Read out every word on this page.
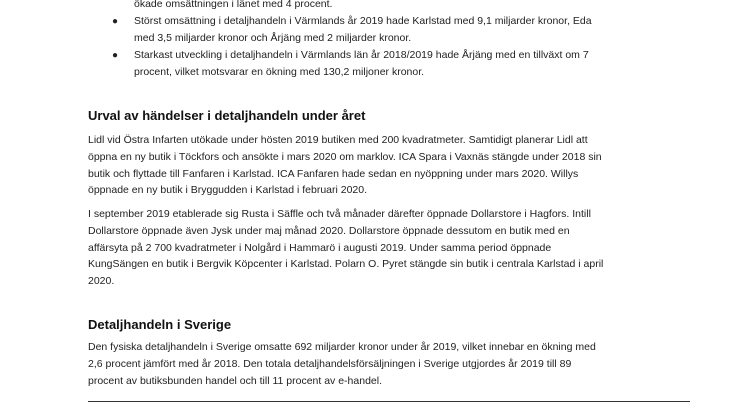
ökade omsättningen i länet med 4 procent.
● Störst omsättning i detaljhandeln i Värmlands år 2019 hade Karlstad med 9,1 miljarder kronor, Eda
med 3,5 miljarder kronor och Årjäng med 2 miljarder kronor.
● Starkast utveckling i detaljhandeln i Värmlands län år 2018/2019 hade Årjäng med en tillväxt om 7
procent, vilket motsvarar en ökning med 130,2 miljoner kronor.
Urval av händelser i detaljhandeln under året

Lidl vid Östra Infarten utökade under hösten 2019 butiken med 200 kvadratmeter. Samtidigt planerar Lidl att
öppna en ny butik i Töckfors och ansökte i mars 2020 om marklov. ICA Spara i Vaxnäs stängde under 2018 sin
butik och flyttade till Fanfaren i Karlstad. ICA Fanfaren hade sedan en nyöppning under mars 2020. Willys
öppnade en ny butik i Bryggudden i Karlstad i februari 2020.

I september 2019 etablerade sig Rusta i Säffle och två månader därefter öppnade Dollarstore i Hagfors. Intill
Dollarstore öppnade även Jysk under maj månad 2020. Dollarstore öppnade dessutom en butik med en
affärsyta på 2 700 kvadratmeter i Nolgård i Hammarö i augusti 2019. Under samma period öppnade
KungSängen en butik i Bergvik Köpcenter i Karlstad. Polarn O. Pyret stängde sin butik i centrala Karlstad i april
2020.

Detaljhandeln i Sverige

Den fysiska detaljhandeln i Sverige omsatte 692 miljarder kronor under år 2019, vilket innebar en ökning med
2,6 procent jämfört med år 2018. Den totala detaljhandelsförsäljningen i Sverige utgjordes år 2019 till 89
procent av butiksbunden handel och till 11 procent av e-handel.
